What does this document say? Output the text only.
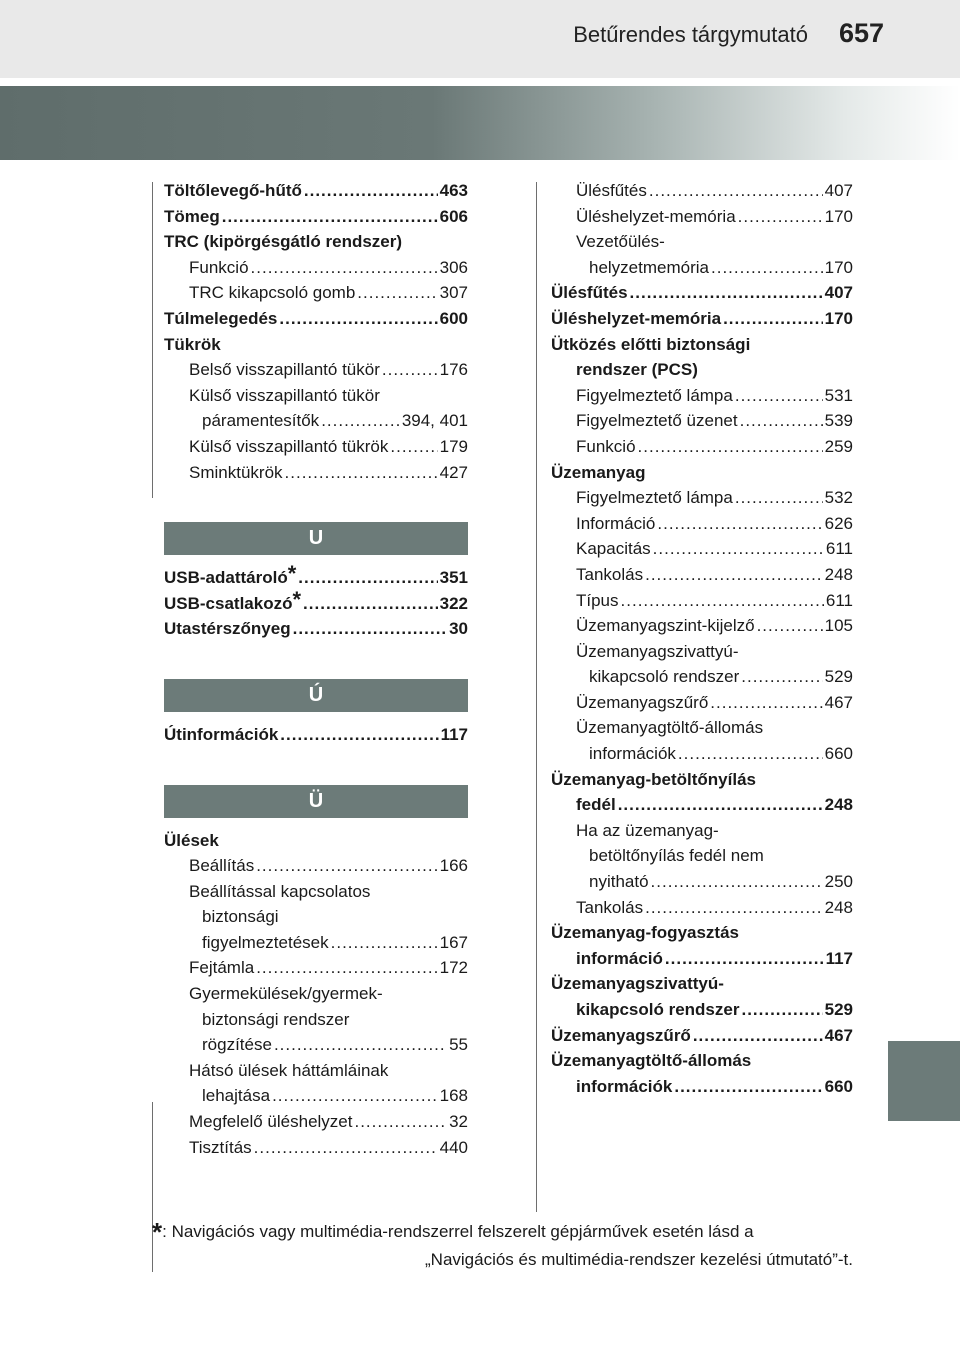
Betűrendes tárgymutató 657
Töltőlevegő-hűtő .....	463
Tömeg .....	606
TRC (kipörgésgátló rendszer)
Funkció .....	306
TRC kikapcsoló gomb .....	307
Túlmelegedés .....	600
Tükrök
Belső visszapillantó tükör .....	176
Külső visszapillantó tükör
páramentesítők .....	394, 401
Külső visszapillantó tükrök .....	179
Sminktükrök .....	427
U
USB-adattároló* .....	351
USB-csatlakozó* .....	322
Utastérszőnyeg .....	30
Ú
Útinformációk .....	117
Ü
Ülések
Beállítás .....	166
Beállítással kapcsolatos
biztonsági
figyelmeztetések .....	167
Fejtámla .....	172
Gyermekülések/gyermek-
biztonsági rendszer
rögzítése .....	55
Hátsó ülések háttámláinak
lehajtása .....	168
Megfelelő üléshelyzet .....	32
Tisztítás .....	440
Ülésfűtés .....	407
Üléshelyzet-memória .....	170
Vezetőülés-
helyzetmemória .....	170
Ülésfűtés .....	407
Üléshelyzet-memória .....	170
Ütközés előtti biztonsági
rendszer (PCS)
Figyelmeztető lámpa .....	531
Figyelmeztető üzenet .....	539
Funkció .....	259
Üzemanyag
Figyelmeztető lámpa .....	532
Információ .....	626
Kapacitás .....	611
Tankolás .....	248
Típus .....	611
Üzemanyagszint-kijelző .....	105
Üzemanyagszivattyú-
kikapcsoló rendszer .....	529
Üzemanyagszűrő .....	467
Üzemanyagtöltő-állomás
információk .....	660
Üzemanyag-betöltőnyílás
fedél .....	248
Ha az üzemanyag-
betöltőnyílás fedél nem
nyitható .....	250
Tankolás .....	248
Üzemanyag-fogyasztás
információ .....	117
Üzemanyagszivattyú-
kikapcsoló rendszer .....	529
Üzemanyagszűrő .....	467
Üzemanyagtöltő-állomás
információk .....	660
*: Navigációs vagy multimédia-rendszerrel felszerelt gépjárművek esetén lásd a
„Navigációs és multimédia-rendszer kezelési útmutató”-t.
